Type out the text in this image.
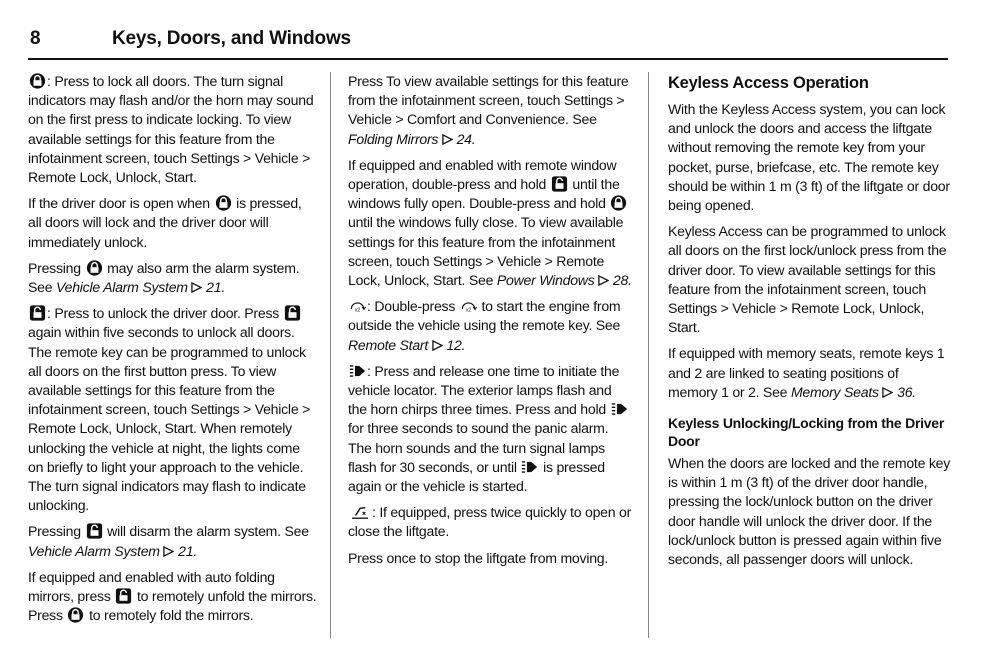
8	Keys, Doors, and Windows

: Press to lock all doors. The turn signal indicators may flash and/or the horn may sound on the first press to indicate locking. To view available settings for this feature from the infotainment screen, touch Settings > Vehicle > Remote Lock, Unlock, Start.

If the driver door is open when
is pressed, all doors will lock and the driver door will immediately unlock.

Pressing
may also arm the alarm system. See Vehicle Alarm System
21.

: Press to unlock the driver door. Press
again within five seconds to unlock all doors. The remote key can be programmed to unlock all doors on the first button press. To view available settings for this feature from the infotainment screen, touch Settings > Vehicle > Remote Lock, Unlock, Start. When remotely unlocking the vehicle at night, the lights come on briefly to light your approach to the vehicle. The turn signal indicators may flash to indicate unlocking.

Pressing
will disarm the alarm system. See Vehicle Alarm System
21.

If equipped and enabled with auto folding mirrors, press
to remotely unfold the mirrors. Press
to remotely fold the mirrors.

Press To view available settings for this feature from the infotainment screen, touch Settings > Vehicle > Comfort and Convenience. See Folding Mirrors
24.

If equipped and enabled with remote window operation, double-press and hold
until the windows fully open. Double-press and hold
until the windows fully close. To view available settings for this feature from the infotainment screen, touch Settings > Vehicle > Remote Lock, Unlock, Start. See Power Windows
28.

x2 : Double-press x2 to start the engine from outside the vehicle using the remote key. See Remote Start
12.

: Press and release one time to initiate the vehicle locator. The exterior lamps flash and the horn chirps three times. Press and hold
for three seconds to sound the panic alarm. The horn sounds and the turn signal lamps flash for 30 seconds, or until
is pressed again or the vehicle is started.

: If equipped, press twice quickly to open or close the liftgate.

Press once to stop the liftgate from moving.

Keyless Access Operation

With the Keyless Access system, you can lock and unlock the doors and access the liftgate without removing the remote key from your pocket, purse, briefcase, etc. The remote key should be within 1 m (3 ft) of the liftgate or door being opened.

Keyless Access can be programmed to unlock all doors on the first lock/unlock press from the driver door. To view available settings for this feature from the infotainment screen, touch Settings > Vehicle > Remote Lock, Unlock, Start.

If equipped with memory seats, remote keys 1 and 2 are linked to seating positions of memory 1 or 2. See Memory Seats
36.

Keyless Unlocking/Locking from the Driver Door

When the doors are locked and the remote key is within 1 m (3 ft) of the driver door handle, pressing the lock/unlock button on the driver door handle will unlock the driver door. If the lock/unlock button is pressed again within five seconds, all passenger doors will unlock.
